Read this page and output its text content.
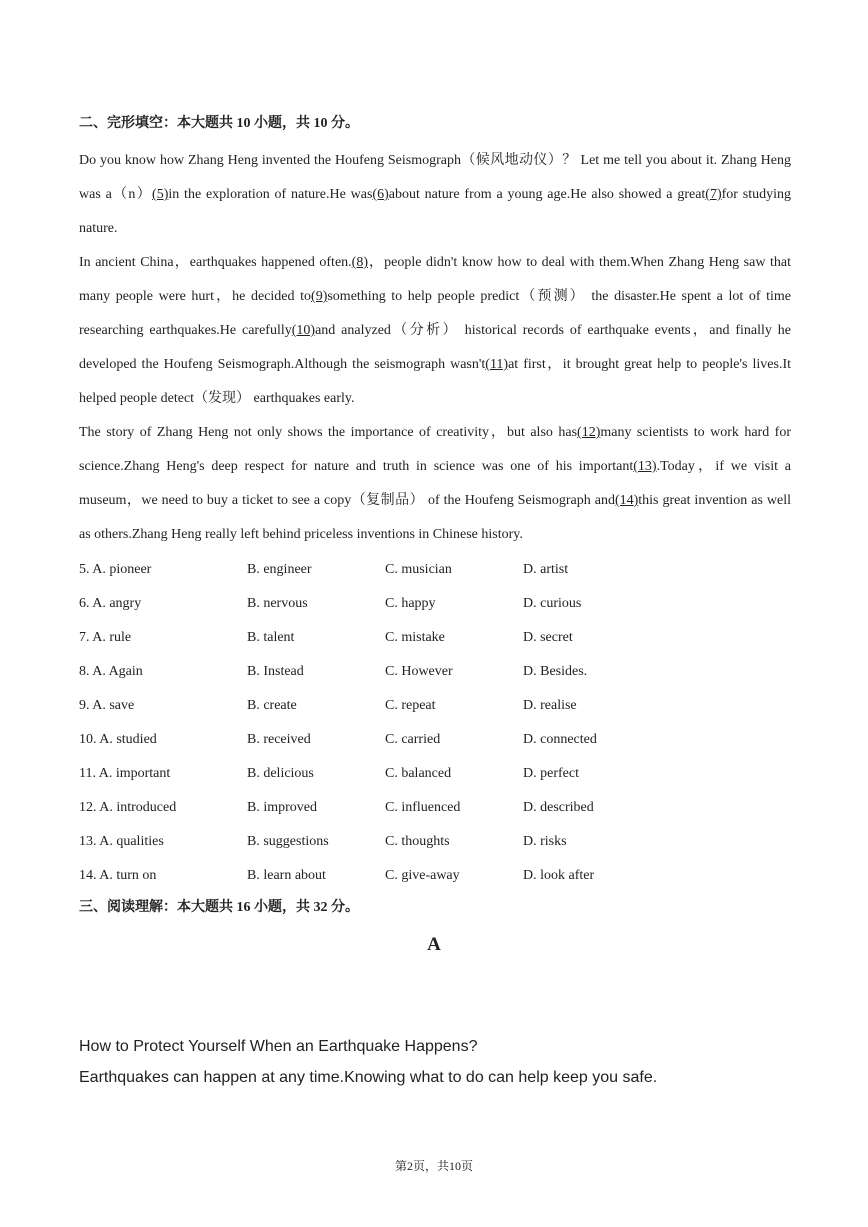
二、完形填空：本大题共 10 小题，共 10 分。

Do you know how Zhang Heng invented the Houfeng Seismograph（候风地动仪）？ Let me tell you about it. Zhang Heng was a（n）(5)in the exploration of nature.He was(6)about nature from a young age.He also showed a great(7)for studying nature.

In ancient China，earthquakes happened often.(8)，people didn't know how to deal with them.When Zhang Heng saw that many people were hurt，he decided to(9)something to help people predict（预测） the disaster.He spent a lot of time researching earthquakes.He carefully(10)and analyzed（分析） historical records of earthquake events，and finally he developed the Houfeng Seismograph.Although the seismograph wasn't(11)at first，it brought great help to people's lives.It helped people detect（发现） earthquakes early.

The story of Zhang Heng not only shows the importance of creativity，but also has(12)many scientists to work hard for science.Zhang Heng's deep respect for nature and truth in science was one of his important(13).Today，if we visit a museum，we need to buy a ticket to see a copy（复制品） of the Houfeng Seismograph and(14)this great invention as well as others.Zhang Heng really left behind priceless inventions in Chinese history.

5. A. pioneer	B. engineer	C. musician	D. artist
6. A. angry	B. nervous	C. happy	D. curious
7. A. rule	B. talent	C. mistake	D. secret
8. A. Again	B. Instead	C. However	D. Besides.
9. A. save	B. create	C. repeat	D. realise
10. A. studied	B. received	C. carried	D. connected
11. A. important	B. delicious	C. balanced	D. perfect
12. A. introduced	B. improved	C. influenced	D. described
13. A. qualities	B. suggestions	C. thoughts	D. risks
14. A. turn on	B. learn about	C. give-away	D. look after

三、阅读理解：本大题共 16 小题，共 32 分。

A

How to Protect Yourself When an Earthquake Happens?

Earthquakes can happen at any time.Knowing what to do can help keep you safe.

第2页，共10页
